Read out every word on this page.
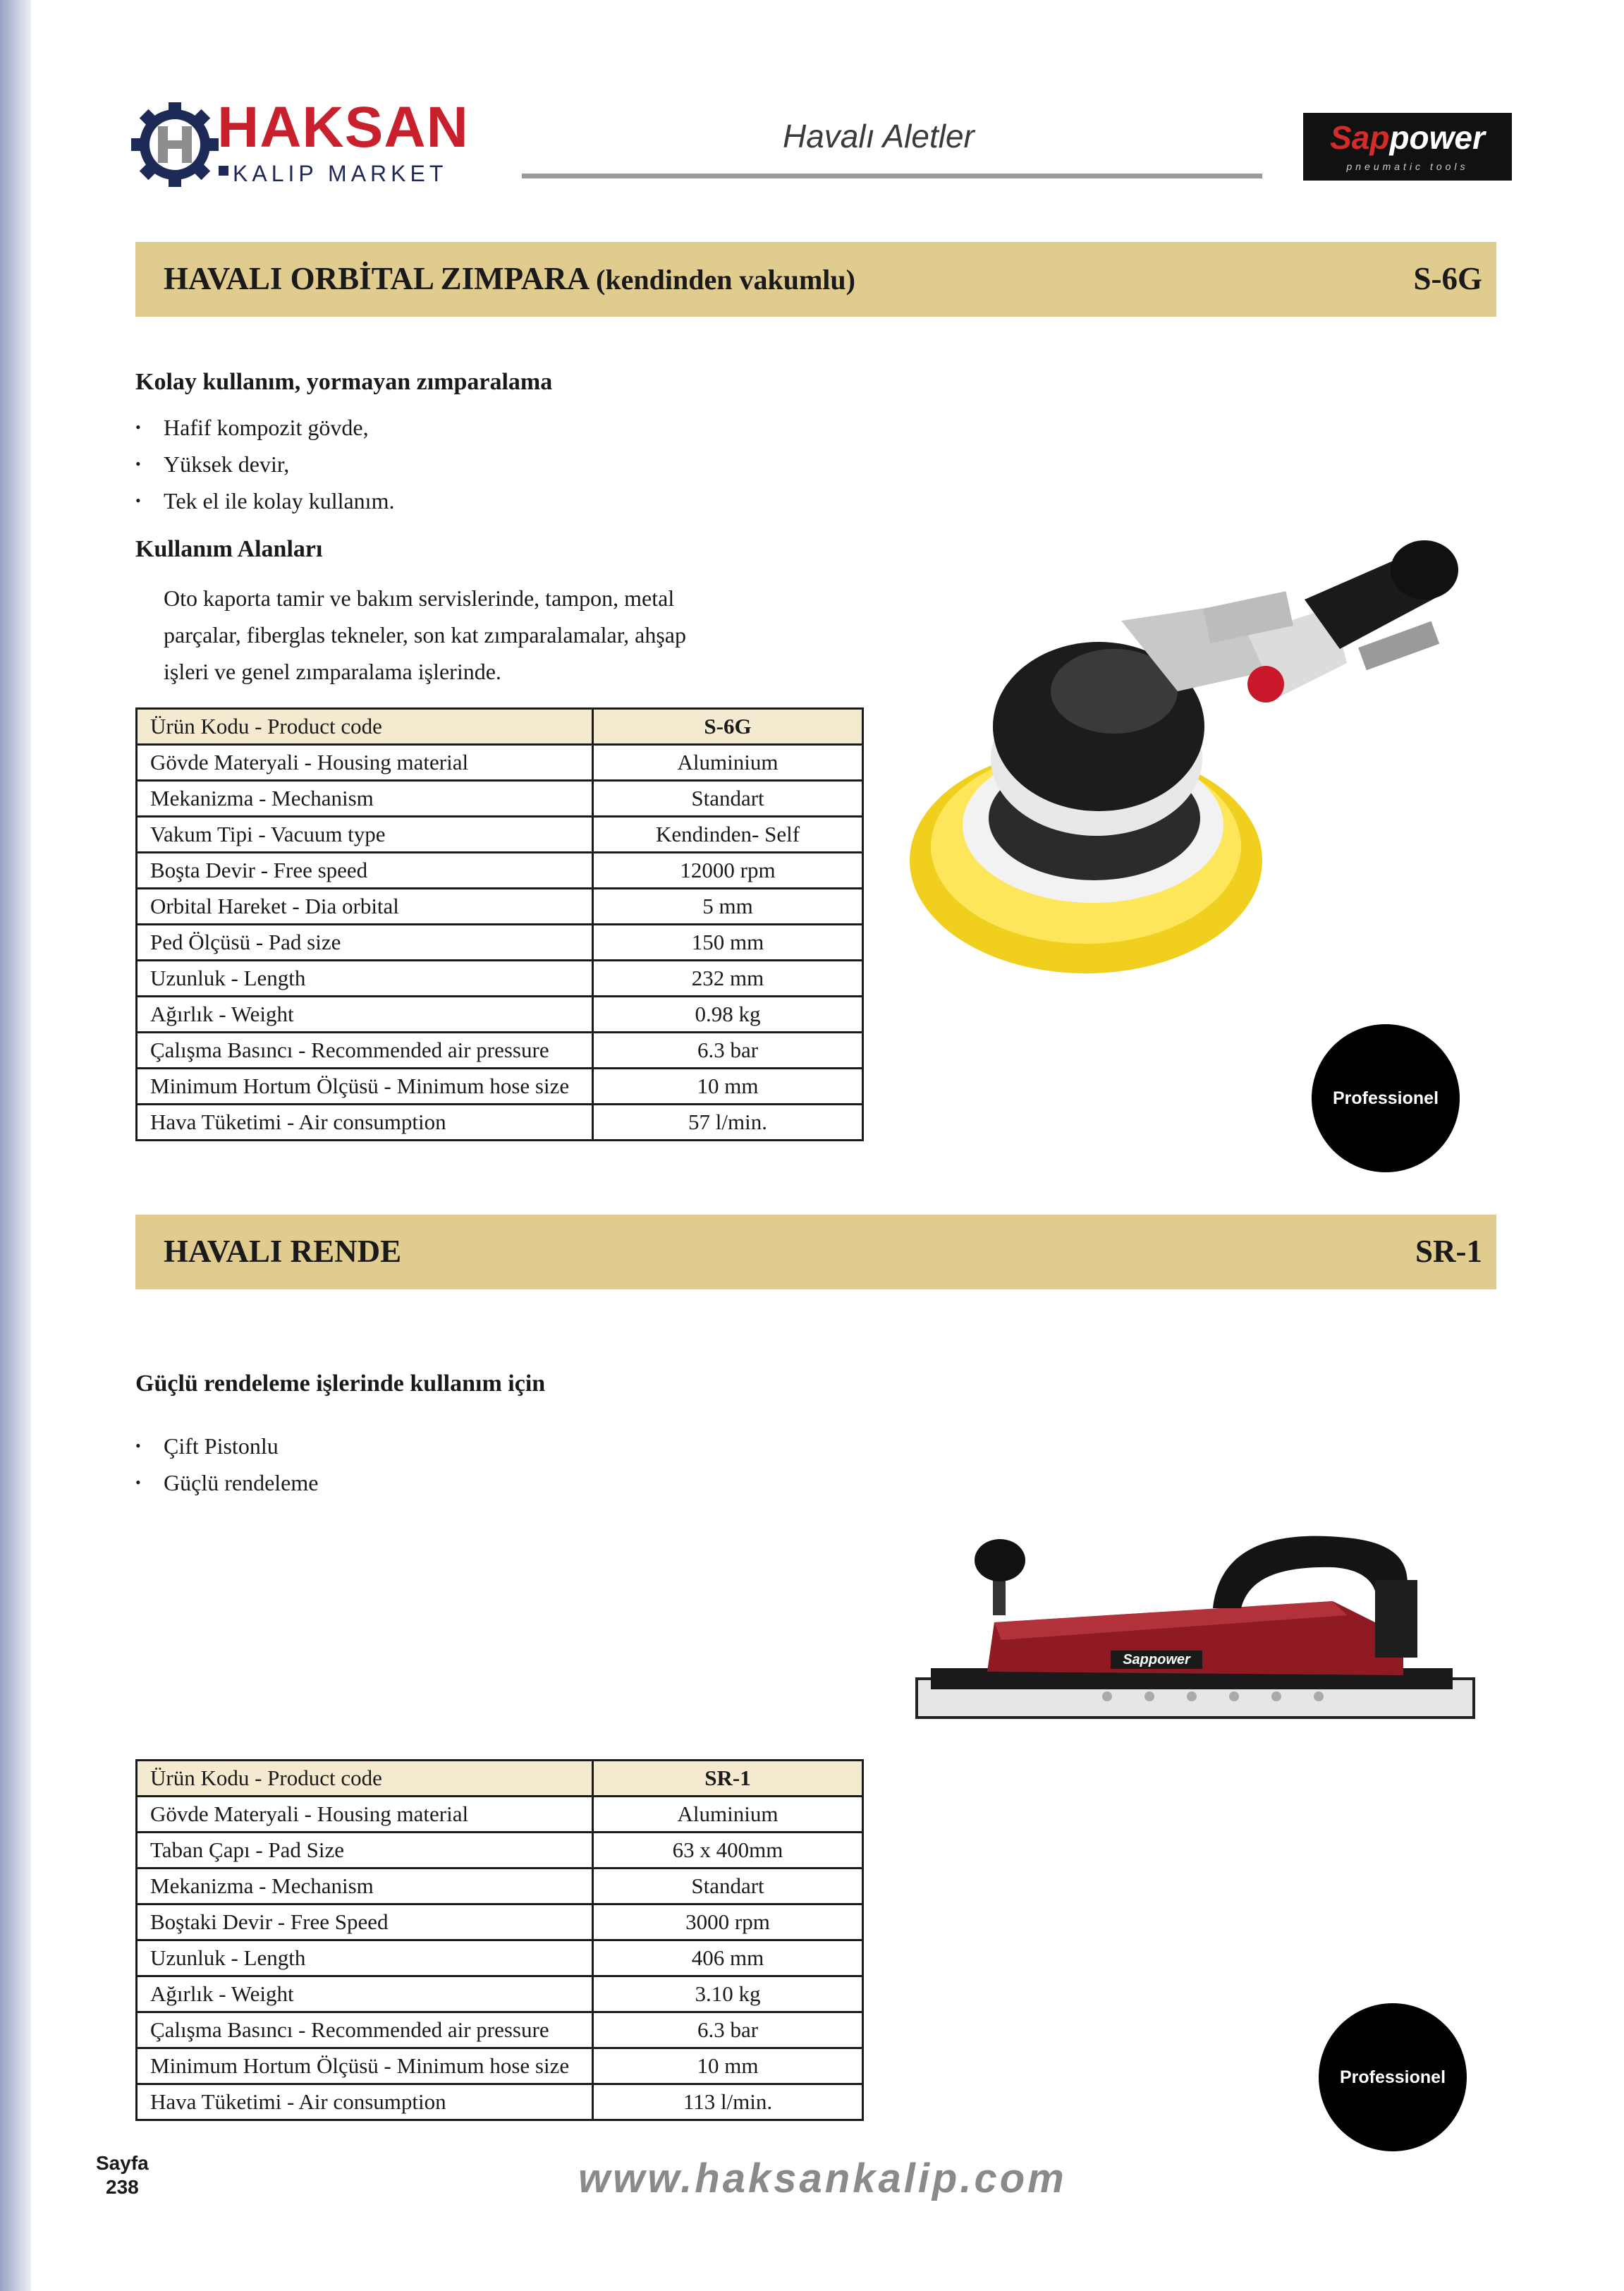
HAKSAN
KALIP MARKET
Havalı Aletler	Sappower
pneumatic tools
HAVALI ORBİTAL ZIMPARA (kendinden vakumlu)	S-6G
Kolay kullanım, yormayan zımparalama
• Hafif kompozit gövde,
• Yüksek devir,
• Tek el ile kolay kullanım.
Kullanım Alanları
Oto kaporta tamir ve bakım servislerinde, tampon, metal
parçalar, fiberglas tekneler, son kat zımparalamalar, ahşap
işleri ve genel zımparalama işlerinde.
Ürün Kodu - Product code	S-6G
Gövde Materyali - Housing material	Aluminium
Mekanizma - Mechanism	Standart
Vakum Tipi - Vacuum type	Kendinden- Self
Boşta Devir - Free speed	12000 rpm
Orbital Hareket - Dia orbital	5 mm
Ped Ölçüsü - Pad size	150 mm
Uzunluk - Length	232 mm
Ağırlık - Weight	0.98 kg
Çalışma Basıncı - Recommended air pressure	6.3 bar
Minimum Hortum Ölçüsü - Minimum hose size	10 mm
Hava Tüketimi - Air consumption	57 l/min.
Professionel
HAVALI RENDE	SR-1
Güçlü rendeleme işlerinde kullanım için
• Çift Pistonlu
• Güçlü rendeleme
Sappower
Ürün Kodu - Product code	SR-1
Gövde Materyali - Housing material	Aluminium
Taban Çapı - Pad Size	63 x 400mm
Mekanizma - Mechanism	Standart
Boştaki Devir - Free Speed	3000 rpm
Uzunluk - Length	406 mm
Ağırlık - Weight	3.10 kg
Çalışma Basıncı - Recommended air pressure	6.3 bar
Minimum Hortum Ölçüsü - Minimum hose size	10 mm
Hava Tüketimi - Air consumption	113 l/min.
Professionel
Sayfa
238	www.haksankalip.com
